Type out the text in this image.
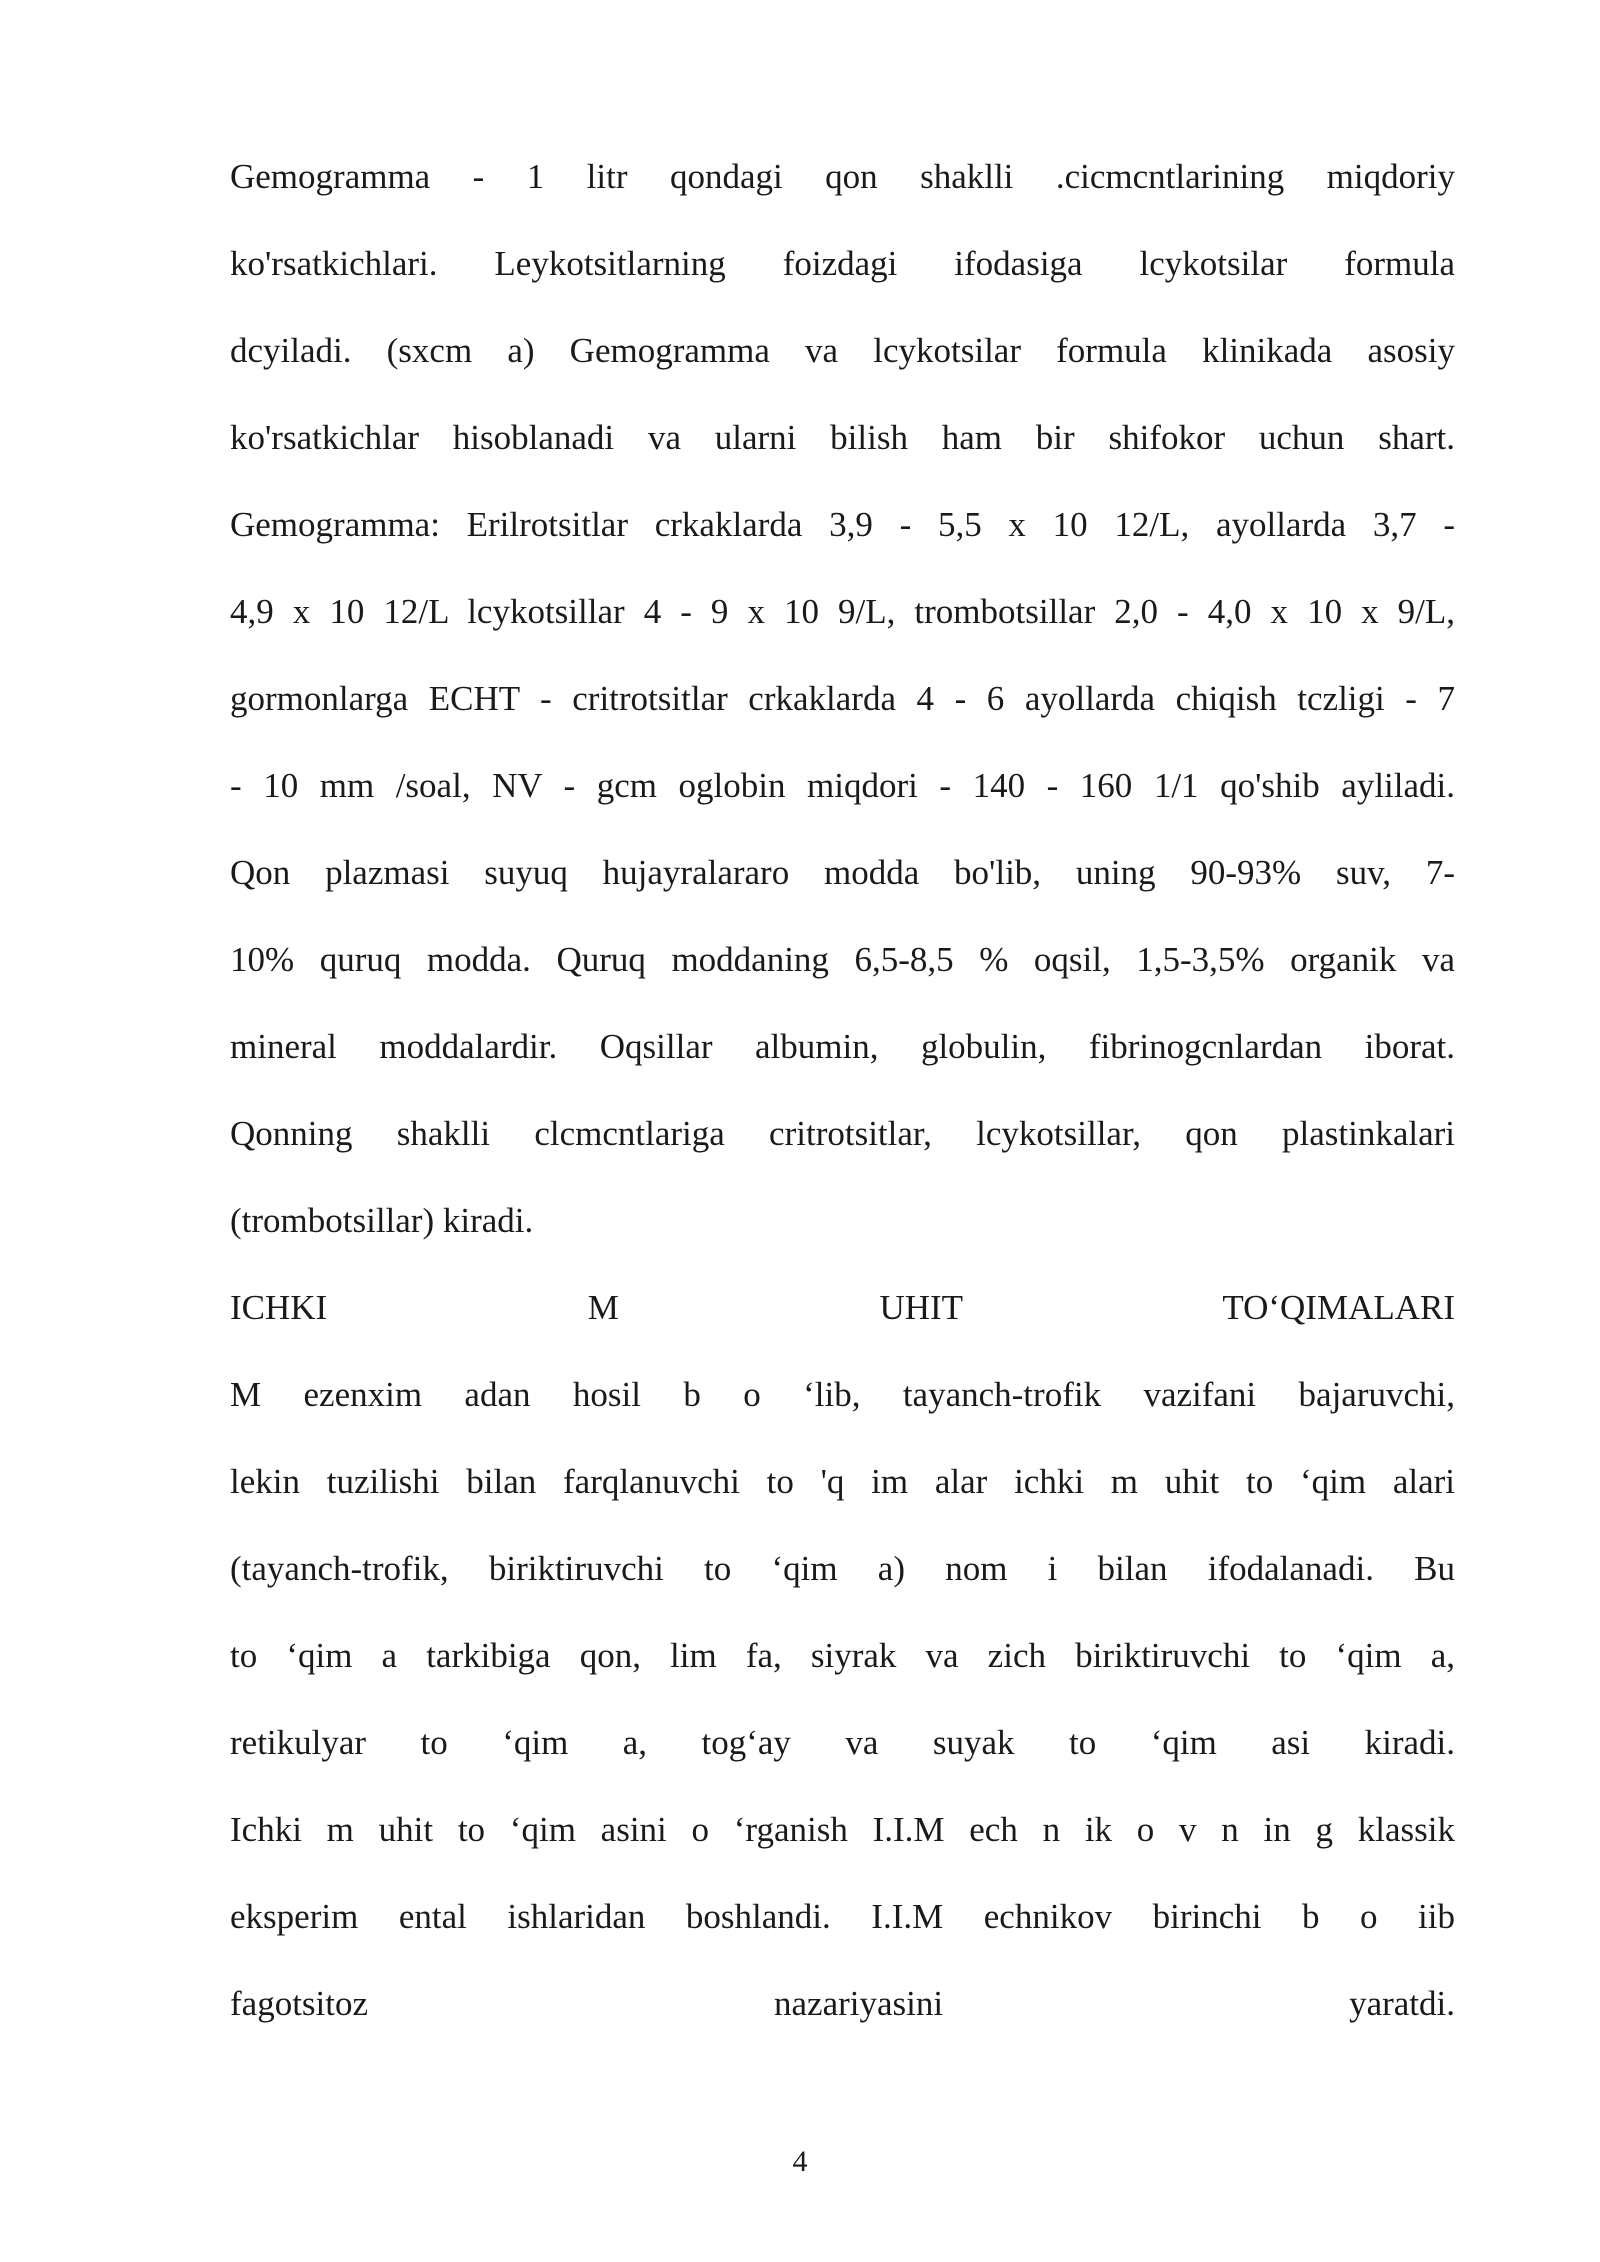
Gemogramma - 1 litr qondagi qon shaklli .cicmcntlarining miqdoriy
ko'rsatkichlari. Leykotsitlarning foizdagi ifodasiga lcykotsilar formula
dcyiladi. (sxcm a) Gemogramma va lcykotsilar formula klinikada asosiy
ko'rsatkichlar hisoblanadi va ularni bilish ham bir shifokor uchun shart.
Gemogramma: Erilrotsitlar crkaklarda 3,9 - 5,5 x 10 12/L, ayollarda 3,7 -
4,9 x 10 12/L lcykotsillar 4 - 9 x 10 9/L, trombotsillar 2,0 - 4,0 x 10 x 9/L,
gormonlarga ECHT - critrotsitlar crkaklarda 4 - 6 ayollarda chiqish tczligi - 7
- 10 mm /soal, NV - gcm oglobin miqdori - 140 - 160 1/1 qo'shib ayliladi.
Qon plazmasi suyuq hujayralararo modda bo'lib, uning 90-93% suv, 7-
10% quruq modda. Quruq moddaning 6,5-8,5 % oqsil, 1,5-3,5% organik va
mineral moddalardir. Oqsillar albumin, globulin, fibrinogcnlardan iborat.
Qonning shaklli clcmcntlariga critrotsitlar, lcykotsillar, qon plastinkalari
(trombotsillar) kiradi.
ICHKI M UHIT TO‘QIMALARI
M ezenxim adan hosil b o ‘lib, tayanch-trofik vazifani bajaruvchi,
lekin tuzilishi bilan farqlanuvchi to 'q im alar ichki m uhit to ‘qim alari
(tayanch-trofik, biriktiruvchi to ‘qim a) nom i bilan ifodalanadi. Bu
to ‘qim a tarkibiga qon, lim fa, siyrak va zich biriktiruvchi to ‘qim a,
retikulyar to ‘qim a, tog‘ay va suyak to ‘qim asi kiradi.
Ichki m uhit to ‘qim asini o ‘rganish I.I.M ech n ik o v n in g klassik
eksperim ental ishlaridan boshlandi. I.I.M echnikov birinchi b o iib
fagotsitoz nazariyasini yaratdi.
4
